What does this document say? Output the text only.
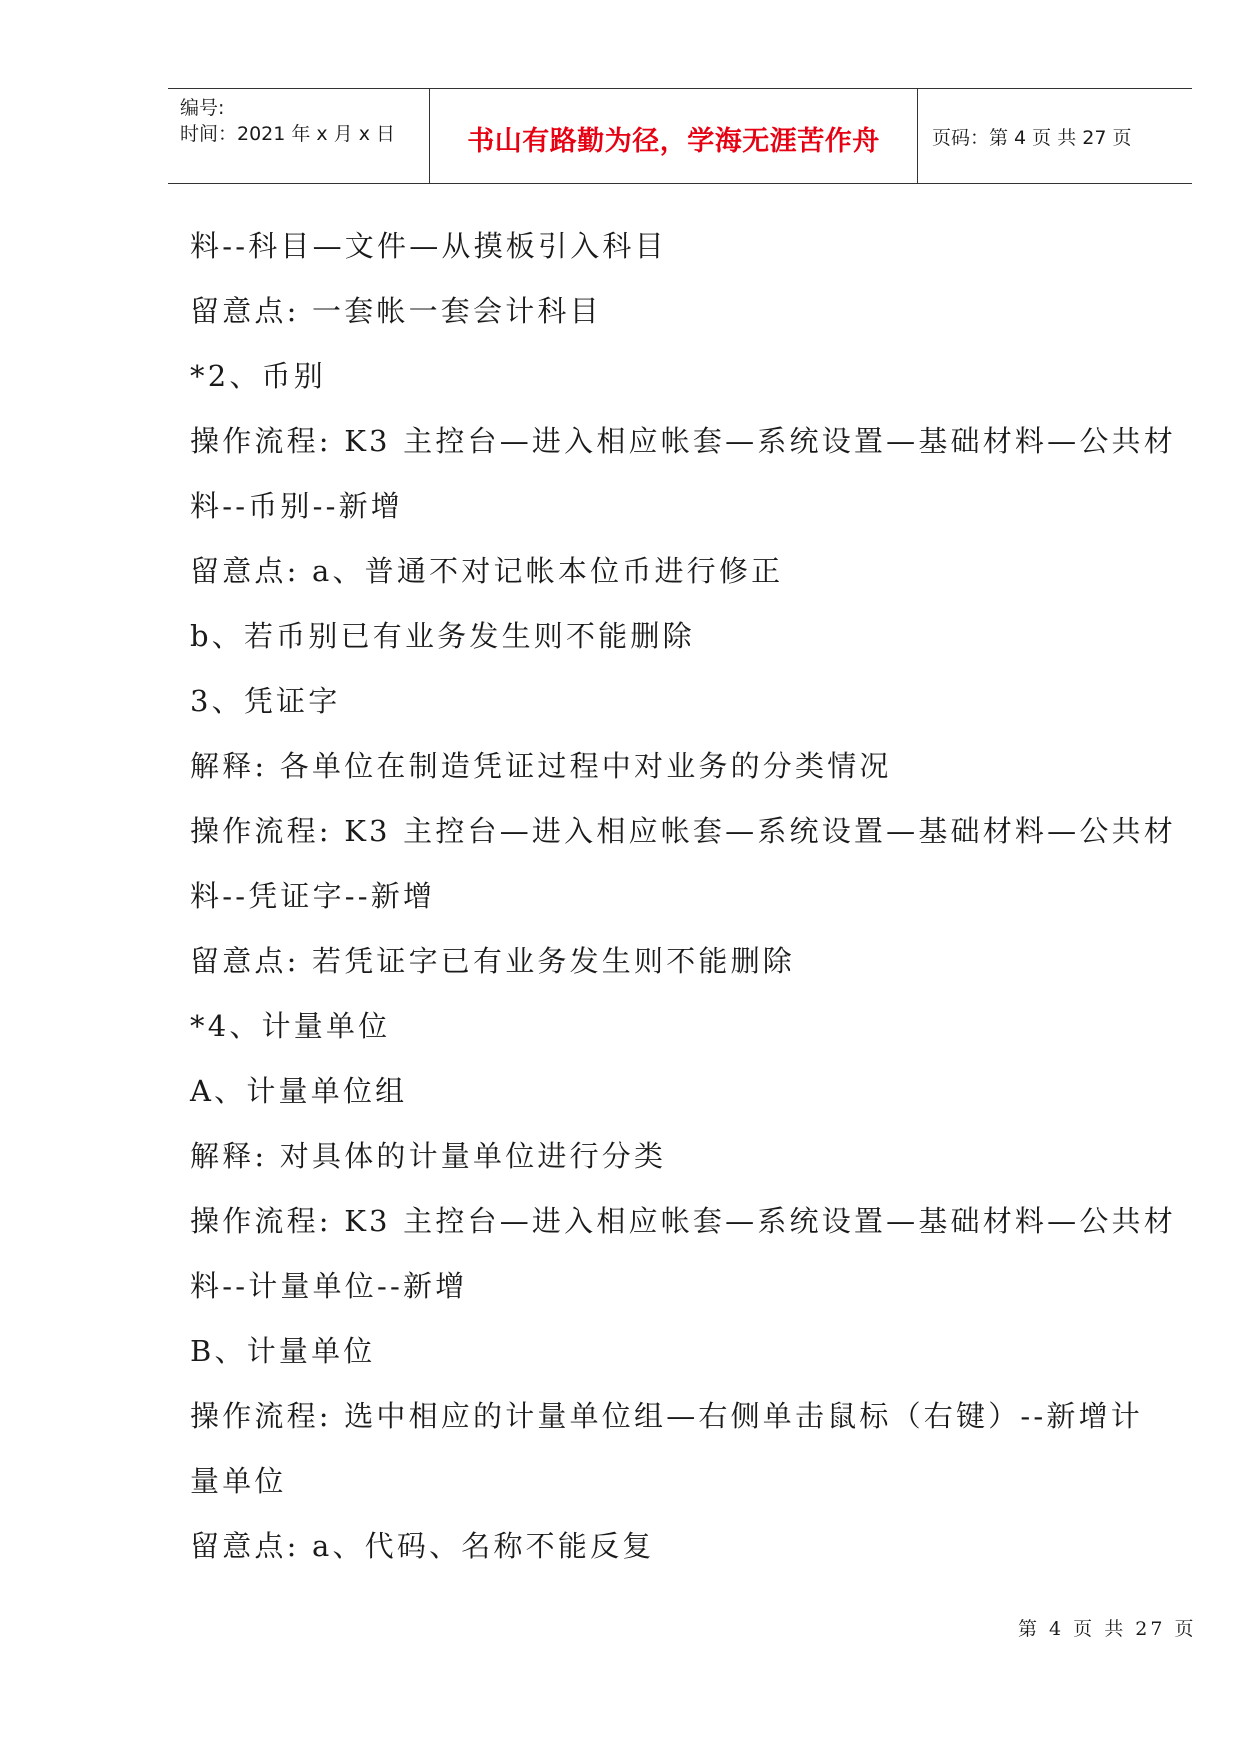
编号:
时间：2021 年 x 月 x 日	书山有路勤为径，学海无涯苦作舟	页码：第 4 页 共 27 页
料--科目—文件—从摸板引入科目
留意点: 一套帐一套会计科目
*2、币别
操作流程: K3 主控台—进入相应帐套—系统设置—基础材料—公共材
料--币别--新增
留意点: a、普通不对记帐本位币进行修正
b、若币别已有业务发生则不能删除
3、凭证字
解释: 各单位在制造凭证过程中对业务的分类情况
操作流程: K3 主控台—进入相应帐套—系统设置—基础材料—公共材
料--凭证字--新增
留意点: 若凭证字已有业务发生则不能删除
*4、计量单位
A、计量单位组
解释: 对具体的计量单位进行分类
操作流程: K3 主控台—进入相应帐套—系统设置—基础材料—公共材
料--计量单位--新增
B、计量单位
操作流程: 选中相应的计量单位组—右侧单击鼠标（右键）--新增计
量单位
留意点: a、代码、名称不能反复
第 4 页 共 27 页
